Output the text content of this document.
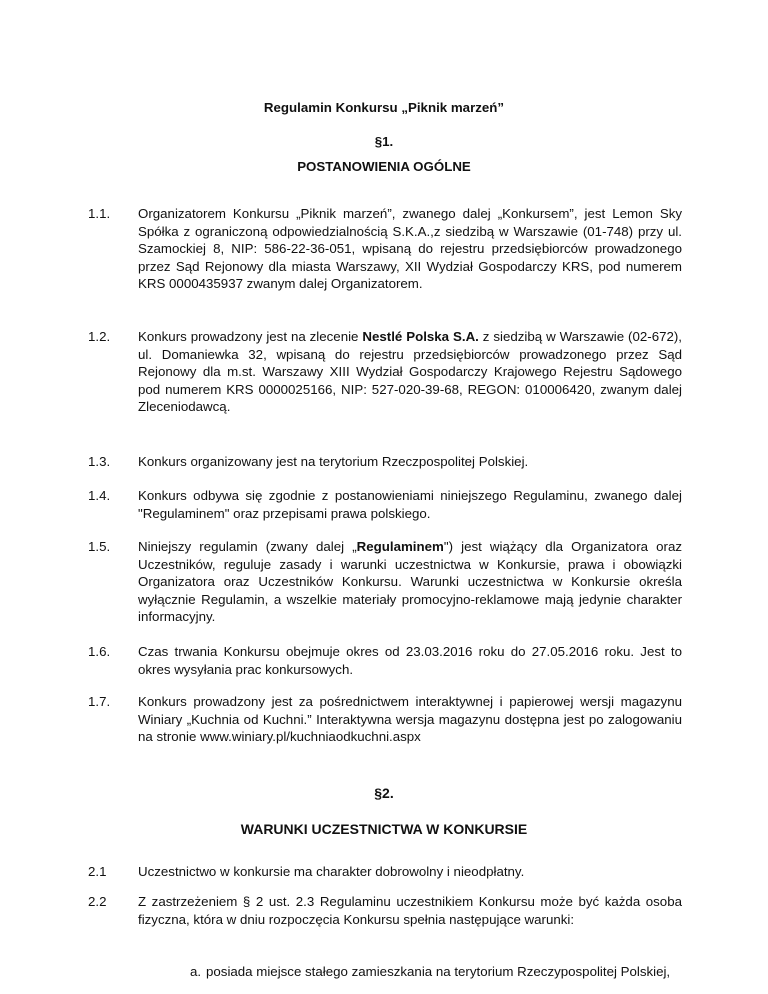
Regulamin Konkursu „Piknik marzeń”
§1.
POSTANOWIENIA OGÓLNE
1.1. Organizatorem Konkursu „Piknik marzeń”, zwanego dalej „Konkursem”, jest Lemon Sky Spółka z ograniczoną odpowiedzialnością S.K.A.,z siedzibą w Warszawie (01-748) przy ul. Szamockiej 8, NIP: 586-22-36-051, wpisaną do rejestru przedsiębiorców prowadzonego przez Sąd Rejonowy dla miasta Warszawy, XII Wydział Gospodarczy KRS, pod numerem KRS 0000435937 zwanym dalej Organizatorem.
1.2. Konkurs prowadzony jest na zlecenie Nestlé Polska S.A. z siedzibą w Warszawie (02-672), ul. Domaniewka 32, wpisaną do rejestru przedsiębiorców prowadzonego przez Sąd Rejonowy dla m.st. Warszawy XIII Wydział Gospodarczy Krajowego Rejestru Sądowego pod numerem KRS 0000025166, NIP: 527-020-39-68, REGON: 010006420, zwanym dalej Zleceniodawcą.
1.3. Konkurs organizowany jest na terytorium Rzeczpospolitej Polskiej.
1.4. Konkurs odbywa się zgodnie z postanowieniami niniejszego Regulaminu, zwanego dalej "Regulaminem" oraz przepisami prawa polskiego.
1.5. Niniejszy regulamin (zwany dalej „Regulaminem") jest wiążący dla Organizatora oraz Uczestników, reguluje zasady i warunki uczestnictwa w Konkursie, prawa i obowiązki Organizatora oraz Uczestników Konkursu. Warunki uczestnictwa w Konkursie określa wyłącznie Regulamin, a wszelkie materiały promocyjno-reklamowe mają jedynie charakter informacyjny.
1.6. Czas trwania Konkursu obejmuje okres od 23.03.2016 roku do 27.05.2016 roku. Jest to okres wysyłania prac konkursowych.
1.7. Konkurs prowadzony jest za pośrednictwem interaktywnej i papierowej wersji magazynu Winiary „Kuchnia od Kuchni.” Interaktywna wersja magazynu dostępna jest po zalogowaniu na stronie www.winiary.pl/kuchniaodkuchni.aspx
§2.
WARUNKI UCZESTNICTWA W KONKURSIE
2.1 Uczestnictwo w konkursie ma charakter dobrowolny i nieodpłatny.
2.2 Z zastrzeżeniem § 2 ust. 2.3 Regulaminu uczestnikiem Konkursu może być każda osoba fizyczna, która w dniu rozpoczęcia Konkursu spełnia następujące warunki:
a. posiada miejsce stałego zamieszkania na terytorium Rzeczypospolitej Polskiej,
